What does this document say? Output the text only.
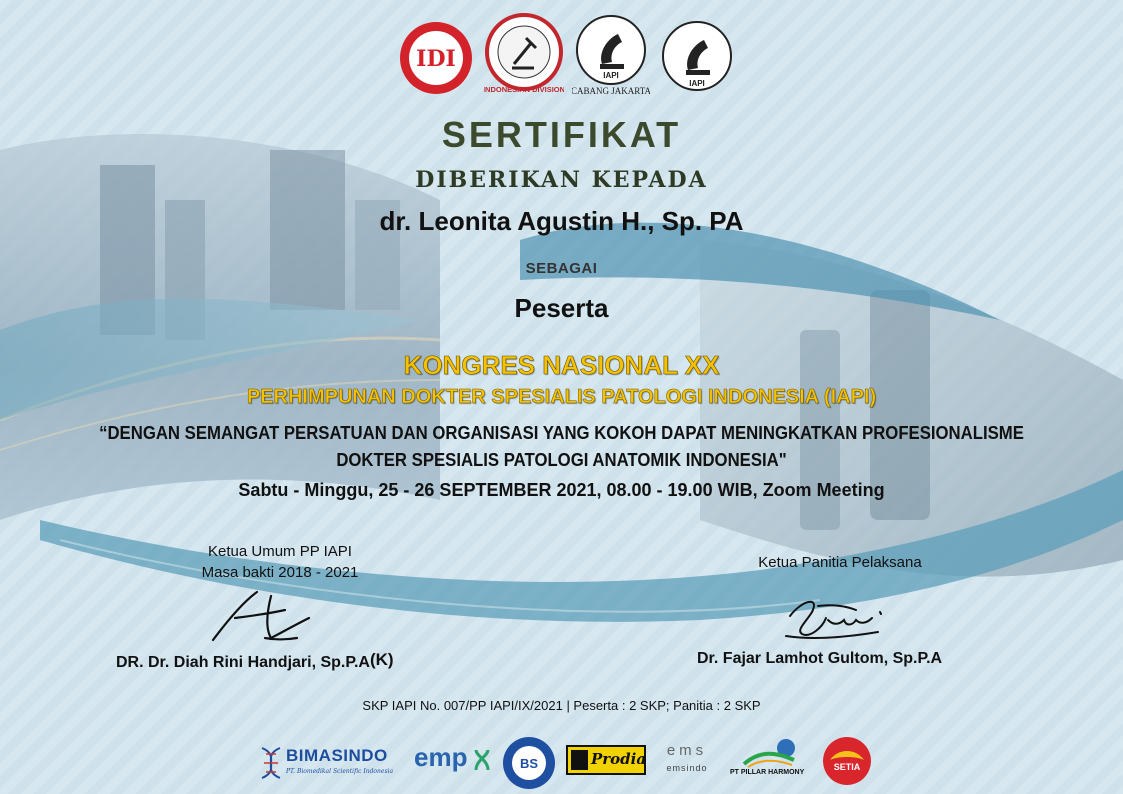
IDI
INDONESIAN DIVISION
IAPI
CABANG JAKARTA
IAPI
SERTIFIKAT
DIBERIKAN KEPADA
dr. Leonita Agustin H., Sp. PA
SEBAGAI
Peserta
KONGRES NASIONAL XX
PERHIMPUNAN DOKTER SPESIALIS PATOLOGI INDONESIA (IAPI)
“DENGAN SEMANGAT PERSATUAN DAN ORGANISASI YANG KOKOH DAPAT MENINGKATKAN PROFESIONALISME
DOKTER SPESIALIS PATOLOGI ANATOMIK INDONESIA"
Sabtu - Minggu, 25 - 26 SEPTEMBER 2021, 08.00 - 19.00 WIB, Zoom Meeting
Ketua Umum PP IAPI
Masa bakti 2018 - 2021
DR. Dr. Diah Rini Handjari, Sp.P.A(K)
Ketua Panitia Pelaksana
Dr. Fajar Lamhot Gultom, Sp.P.A
SKP IAPI No. 007/PP IAPI/IX/2021 | Peserta : 2 SKP; Panitia : 2 SKP
BIMASINDO
PT. Biomedikal Scientific Indonesia emp	BS	Prodia	ems
emsindo	PT PILLAR HARMONY
SETIA
